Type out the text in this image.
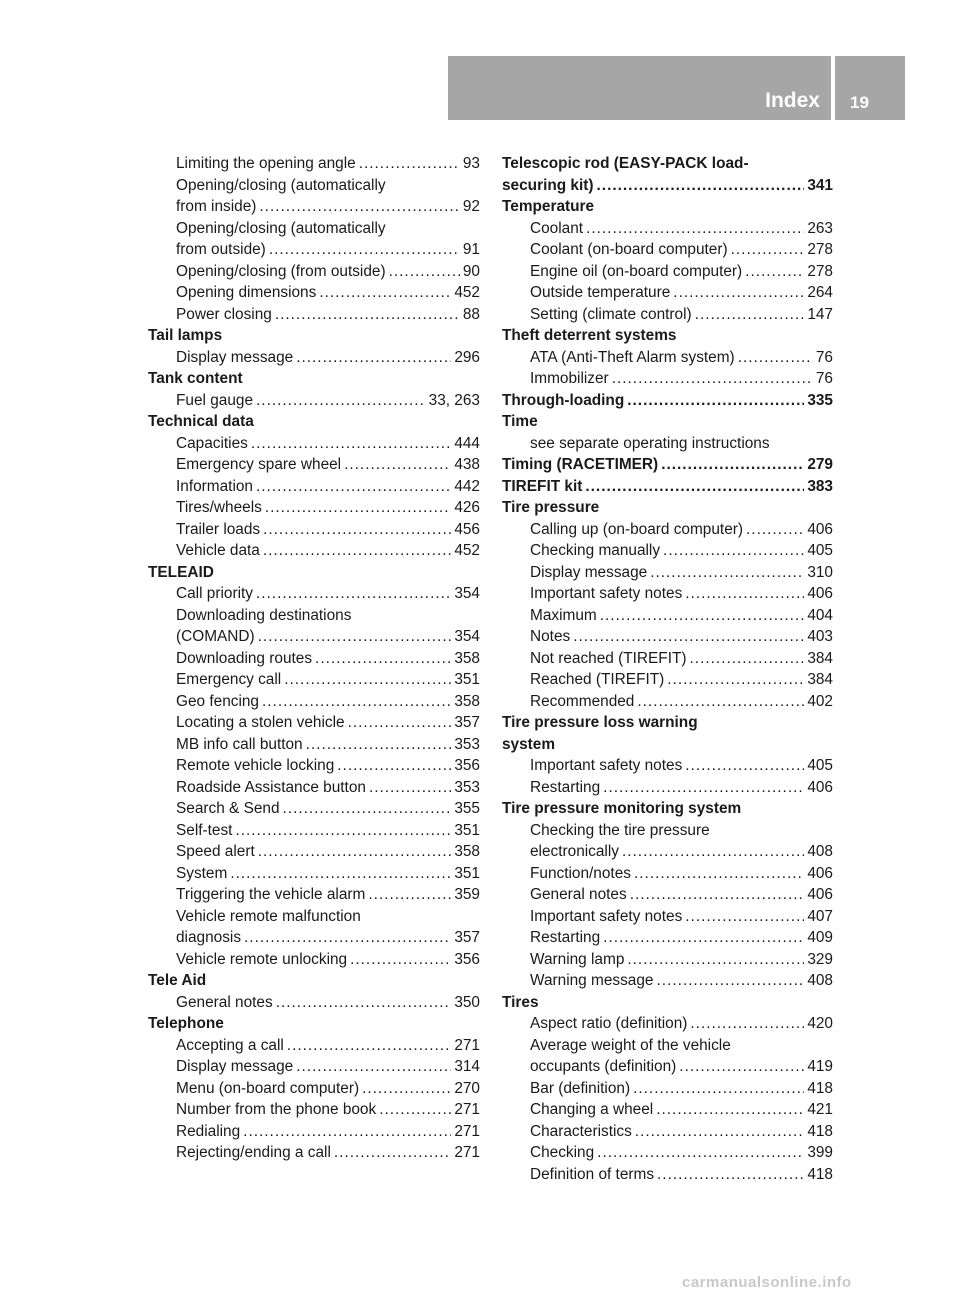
Index 19
Limiting the opening angle .....	93
Opening/closing (automatically
from inside) .....	92
Opening/closing (automatically
from outside) .....	91
Opening/closing (from outside) .....	90
Opening dimensions .....	452
Power closing .....	88
Tail lamps
Display message .....	296
Tank content
Fuel gauge .....	33, 263
Technical data
Capacities .....	444
Emergency spare wheel .....	438
Information .....	442
Tires/wheels .....	426
Trailer loads .....	456
Vehicle data .....	452
TELEAID
Call priority .....	354
Downloading destinations
(COMAND) .....	354
Downloading routes .....	358
Emergency call .....	351
Geo fencing .....	358
Locating a stolen vehicle .....	357
MB info call button .....	353
Remote vehicle locking .....	356
Roadside Assistance button .....	353
Search & Send .....	355
Self-test .....	351
Speed alert .....	358
System .....	351
Triggering the vehicle alarm .....	359
Vehicle remote malfunction
diagnosis .....	357
Vehicle remote unlocking .....	356
Tele Aid
General notes .....	350
Telephone
Accepting a call .....	271
Display message .....	314
Menu (on-board computer) .....	270
Number from the phone book .....	271
Redialing .....	271
Rejecting/ending a call .....	271
Telescopic rod (EASY-PACK load-
securing kit) .....	341
Temperature
Coolant .....	263
Coolant (on-board computer) .....	278
Engine oil (on-board computer) .....	278
Outside temperature .....	264
Setting (climate control) .....	147
Theft deterrent systems
ATA (Anti-Theft Alarm system) .....	76
Immobilizer .....	76
Through-loading .....	335
Time
see separate operating instructions
Timing (RACETIMER) .....	279
TIREFIT kit .....	383
Tire pressure
Calling up (on-board computer) .....	406
Checking manually .....	405
Display message .....	310
Important safety notes .....	406
Maximum .....	404
Notes .....	403
Not reached (TIREFIT) .....	384
Reached (TIREFIT) .....	384
Recommended .....	402
Tire pressure loss warning
system
Important safety notes .....	405
Restarting .....	406
Tire pressure monitoring system
Checking the tire pressure
electronically .....	408
Function/notes .....	406
General notes .....	406
Important safety notes .....	407
Restarting .....	409
Warning lamp .....	329
Warning message .....	408
Tires
Aspect ratio (definition) .....	420
Average weight of the vehicle
occupants (definition) .....	419
Bar (definition) .....	418
Changing a wheel .....	421
Characteristics .....	418
Checking .....	399
Definition of terms .....	418
carmanualsonline.info
